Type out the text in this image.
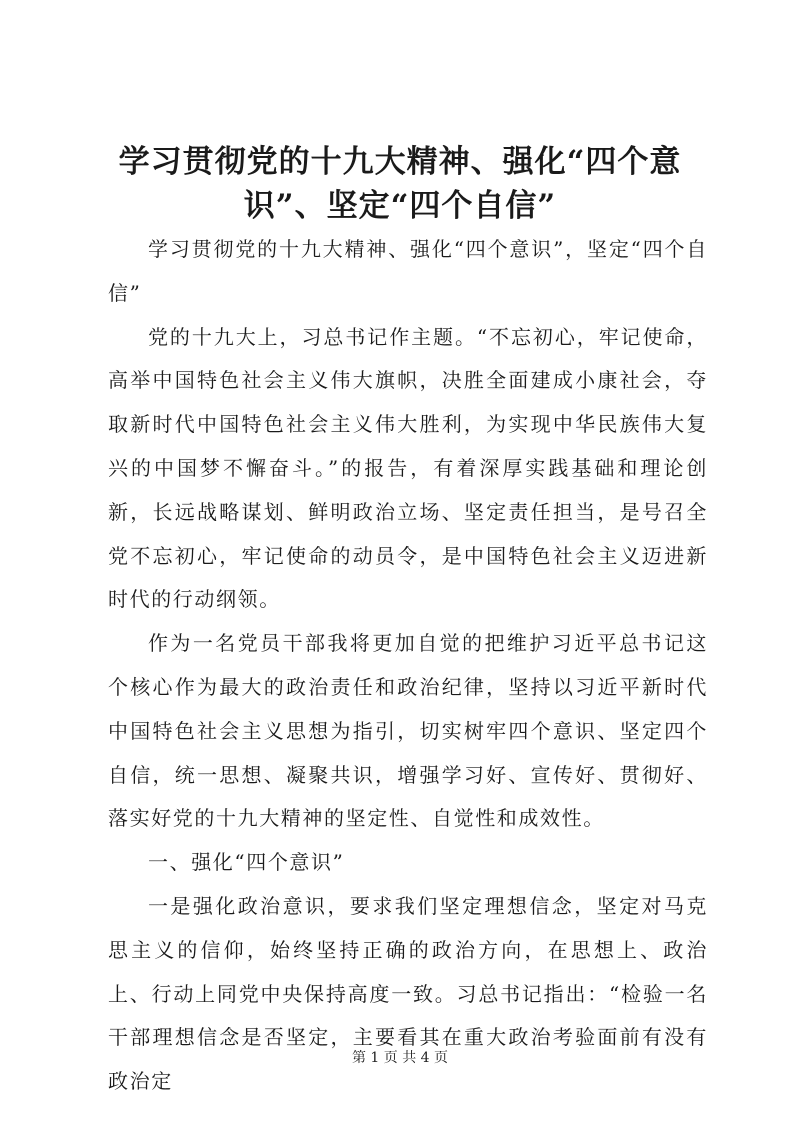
学习贯彻党的十九大精神、强化“四个意
识”、坚定“四个自信”

学习贯彻党的十九大精神、强化“四个意识”，坚定“四个自信”

党的十九大上，习总书记作主题。“不忘初心，牢记使命，高举中国特色社会主义伟大旗帜，决胜全面建成小康社会，夺取新时代中国特色社会主义伟大胜利，为实现中华民族伟大复兴的中国梦不懈奋斗。”的报告，有着深厚实践基础和理论创新，长远战略谋划、鲜明政治立场、坚定责任担当，是号召全党不忘初心，牢记使命的动员令，是中国特色社会主义迈进新时代的行动纲领。

作为一名党员干部我将更加自觉的把维护习近平总书记这个核心作为最大的政治责任和政治纪律，坚持以习近平新时代中国特色社会主义思想为指引，切实树牢四个意识、坚定四个自信，统一思想、凝聚共识，增强学习好、宣传好、贯彻好、落实好党的十九大精神的坚定性、自觉性和成效性。

一、强化“四个意识”

一是强化政治意识，要求我们坚定理想信念，坚定对马克思主义的信仰，始终坚持正确的政治方向，在思想上、政治上、行动上同党中央保持高度一致。习总书记指出：“检验一名干部理想信念是否坚定，主要看其在重大政治考验面前有没有政治定

第 1 页 共 4 页
